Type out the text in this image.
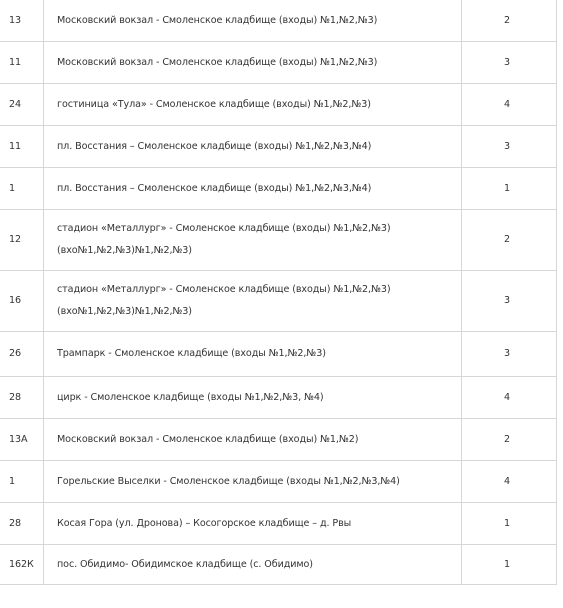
13	Московский вокзал - Смоленское кладбище (входы) №1,№2,№3)	2
11	Московский вокзал - Смоленское кладбище (входы) №1,№2,№3)	3
24	гостиница «Тула» - Смоленское кладбище (входы) №1,№2,№3)	4
11	пл. Восстания – Смоленское кладбище (входы) №1,№2,№3,№4)	3
1	пл. Восстания – Смоленское кладбище (входы) №1,№2,№3,№4)	1
12	стадион «Металлург» - Смоленское кладбище (входы) №1,№2,№3) (вхо№1,№2,№3)№1,№2,№3)	2
16	стадион «Металлург» - Смоленское кладбище (входы) №1,№2,№3) (вхо№1,№2,№3)№1,№2,№3)	3
26	Трампарк - Смоленское кладбище (входы №1,№2,№3)	3
28	цирк - Смоленское кладбище (входы №1,№2,№3, №4)	4
13А	Московский вокзал - Смоленское кладбище (входы) №1,№2)	2
1	Горельские Выселки - Смоленское кладбище (входы №1,№2,№3,№4)	4
28	Косая Гора (ул. Дронова) – Косогорское кладбище – д. Рвы	1
162К	пос. Обидимо- Обидимское кладбище (с. Обидимо)	1
